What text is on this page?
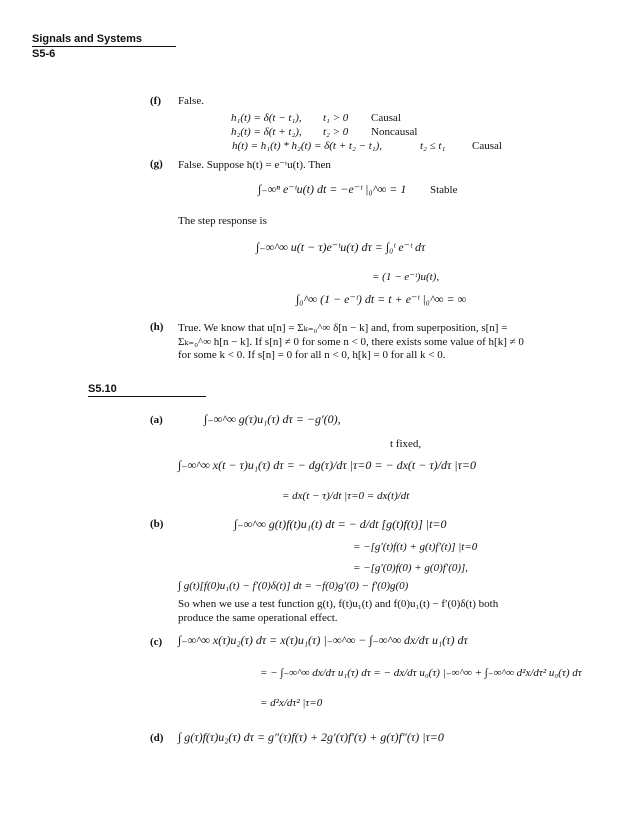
Signals and Systems
S5-6
(f) False.
h₁(t) = δ(t − t₁), t₁ > 0 Causal
h₂(t) = δ(t + t₂), t₂ > 0 Noncausal
h(t) = h₁(t) * h₂(t) = δ(t + t₂ − t₁),	t₂ ≤ t₁ Causal
(g) False. Suppose h(t) = e⁻ᵗu(t). Then
∫₋∞ⁿ e⁻ᵗu(t) dt = −e⁻ᵗ |₀^∞ = 1 Stable
The step response is
∫₋∞^∞ u(t − τ)e⁻ᵗu(τ) dτ = ∫₀ᵗ e⁻ᵗ dτ
= (1 − e⁻ᵗ)u(t),
∫₀^∞ (1 − e⁻ᵗ) dt = t + e⁻ᵗ |₀^∞ = ∞
(h) True. We know that u[n] = Σₖ₌₀^∞ δ[n − k] and, from superposition, s[n] =
Σₖ₌₀^∞ h[n − k]. If s[n] ≠ 0 for some n < 0, there exists some value of h[k] ≠ 0
for some k < 0. If s[n] = 0 for all n < 0, h[k] = 0 for all k < 0.
S5.10
(a)	∫₋∞^∞ g(τ)u₁(τ) dτ = −g′(0),
t fixed,
∫₋∞^∞ x(t − τ)u₁(τ) dτ = − dg(τ)/dτ |τ=0 = − dx(t − τ)/dτ |τ=0
= dx(t − τ)/dt |τ=0 = dx(t)/dt
(b)	∫₋∞^∞ g(t)f(t)u₁(t) dt = − d/dt [g(t)f(t)] |t=0
= −[g′(t)f(t) + g(t)f′(t)] |t=0
= −[g′(0)f(0) + g(0)f′(0)],
∫ g(t)[f(0)u₁(t) − f′(0)δ(t)] dt = −f(0)g′(0) − f′(0)g(0)
So when we use a test function g(t), f(t)u₁(t) and f(0)u₁(t) − f′(0)δ(t) both
produce the same operational effect.
(c) ∫₋∞^∞ x(τ)u₂(τ) dτ = x(τ)u₁(τ) |₋∞^∞ − ∫₋∞^∞ dx/dτ u₁(τ) dτ
= − ∫₋∞^∞ dx/dτ u₁(τ) dτ = − dx/dτ u₀(τ) |₋∞^∞ + ∫₋∞^∞ d²x/dτ² u₀(τ) dτ
= d²x/dτ² |τ=0
(d) ∫ g(τ)f(τ)u₂(τ) dτ = g″(τ)f(τ) + 2g′(τ)f′(τ) + g(τ)f″(τ) |τ=0
